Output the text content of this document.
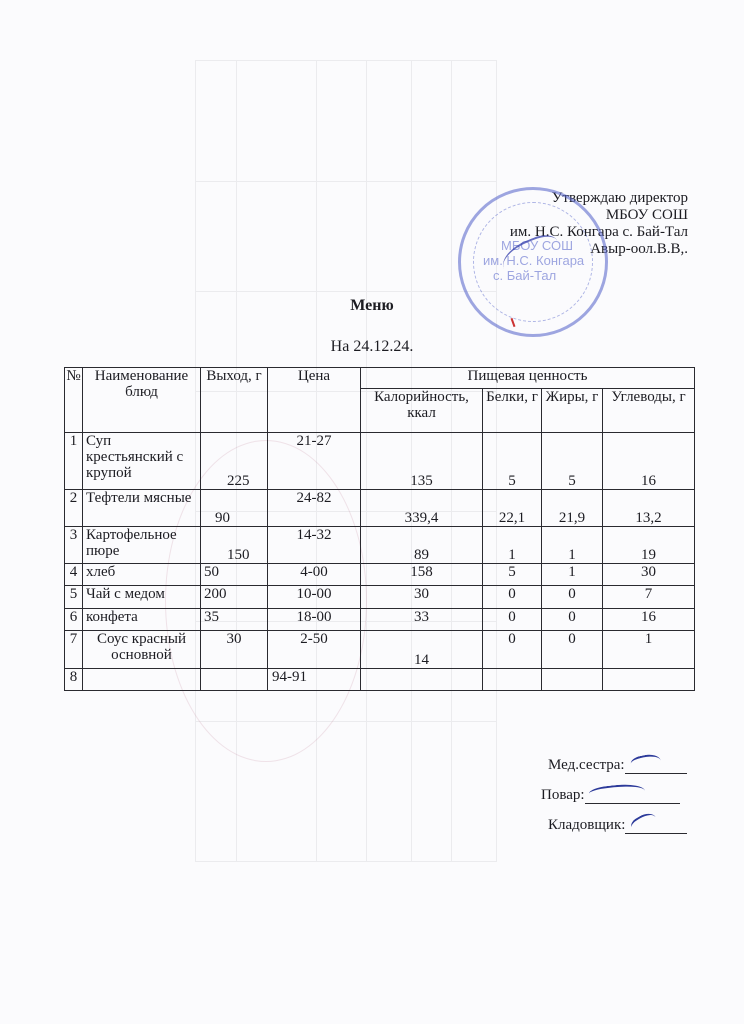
Утверждаю директор
МБОУ СОШ
им. Н.С. Конгара с. Бай-Тал
Авыр-оол.В.В,.
МБОУ СОШ
им. Н.С. Конгара
с. Бай-Тал
Меню
На 24.12.24.
№	Наименование блюд	Выход, г	Цена	Пищевая ценность			
				Калорийность, ккал	Белки, г	Жиры, г	Углеводы, г
1	Суп крестьянский с крупой	225	21-27	135	5	5	16
2	Тефтели мясные	90	24-82	339,4	22,1	21,9	13,2
3	Картофельное пюре	150	14-32	89	1	1	19
4	хлеб	50	4-00	158	5	1	30
5	Чай с медом	200	10-00	30	0	0	7
6	конфета	35	18-00	33	0	0	16
7	Соус красный основной	30	2-50	14	0	0	1
8			94-91				
Мед.сестра:
Повар:
Кладовщик:
